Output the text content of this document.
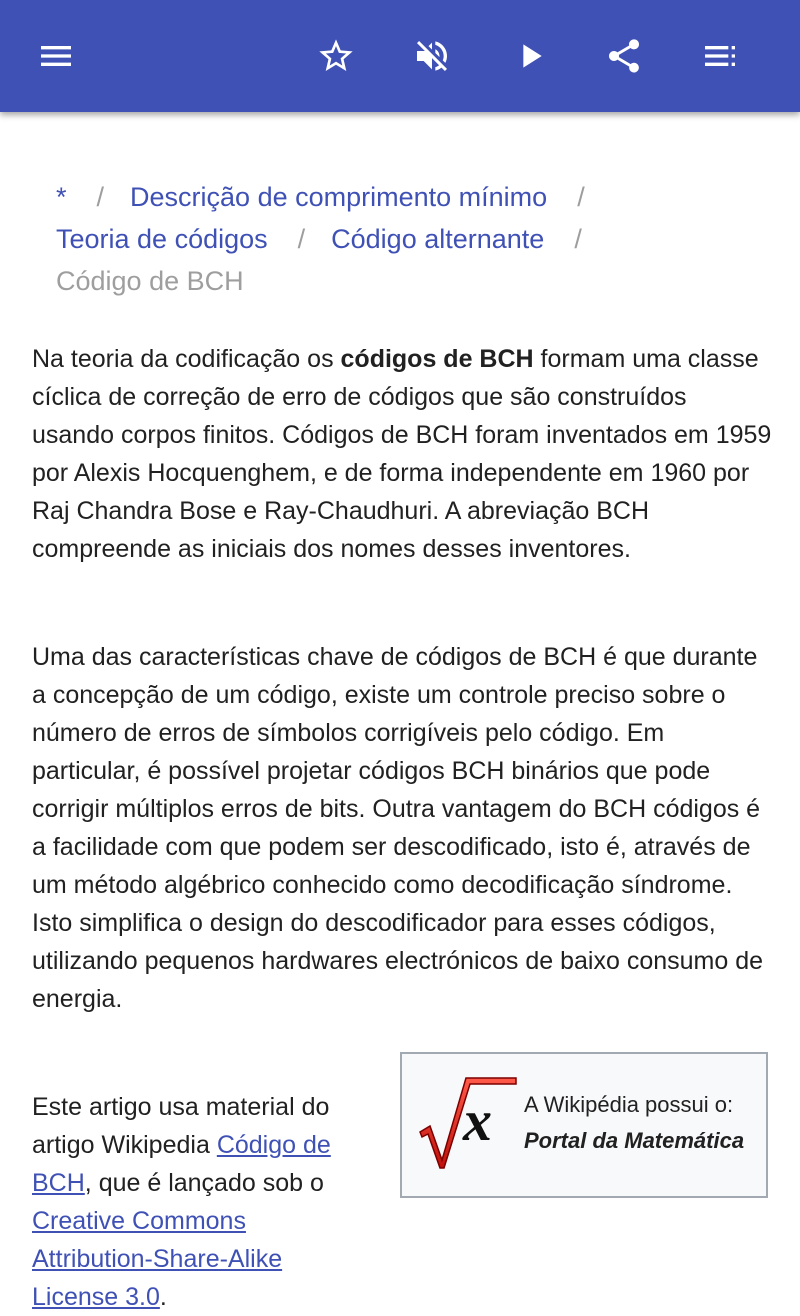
* / Descrição de comprimento mínimo /
Teoria de códigos / Código alternante /
Código de BCH

Na teoria da codificação os códigos de BCH formam uma classe cíclica de correção de erro de códigos que são construídos usando corpos finitos. Códigos de BCH foram inventados em 1959 por Alexis Hocquenghem, e de forma independente em 1960 por Raj Chandra Bose e Ray-Chaudhuri. A abreviação BCH compreende as iniciais dos nomes desses inventores.

Uma das características chave de códigos de BCH é que durante a concepção de um código, existe um controle preciso sobre o número de erros de símbolos corrigíveis pelo código. Em particular, é possível projetar códigos BCH binários que pode corrigir múltiplos erros de bits. Outra vantagem do BCH códigos é a facilidade com que podem ser descodificado, isto é, através de um método algébrico conhecido como decodificação síndrome. Isto simplifica o design do descodificador para esses códigos, utilizando pequenos hardwares electrónicos de baixo consumo de energia.

x A Wikipédia possui o:
Portal da Matemática

Este artigo usa material do artigo Wikipedia Código de BCH, que é lançado sob o Creative Commons Attribution-Share-Alike License 3.0.
